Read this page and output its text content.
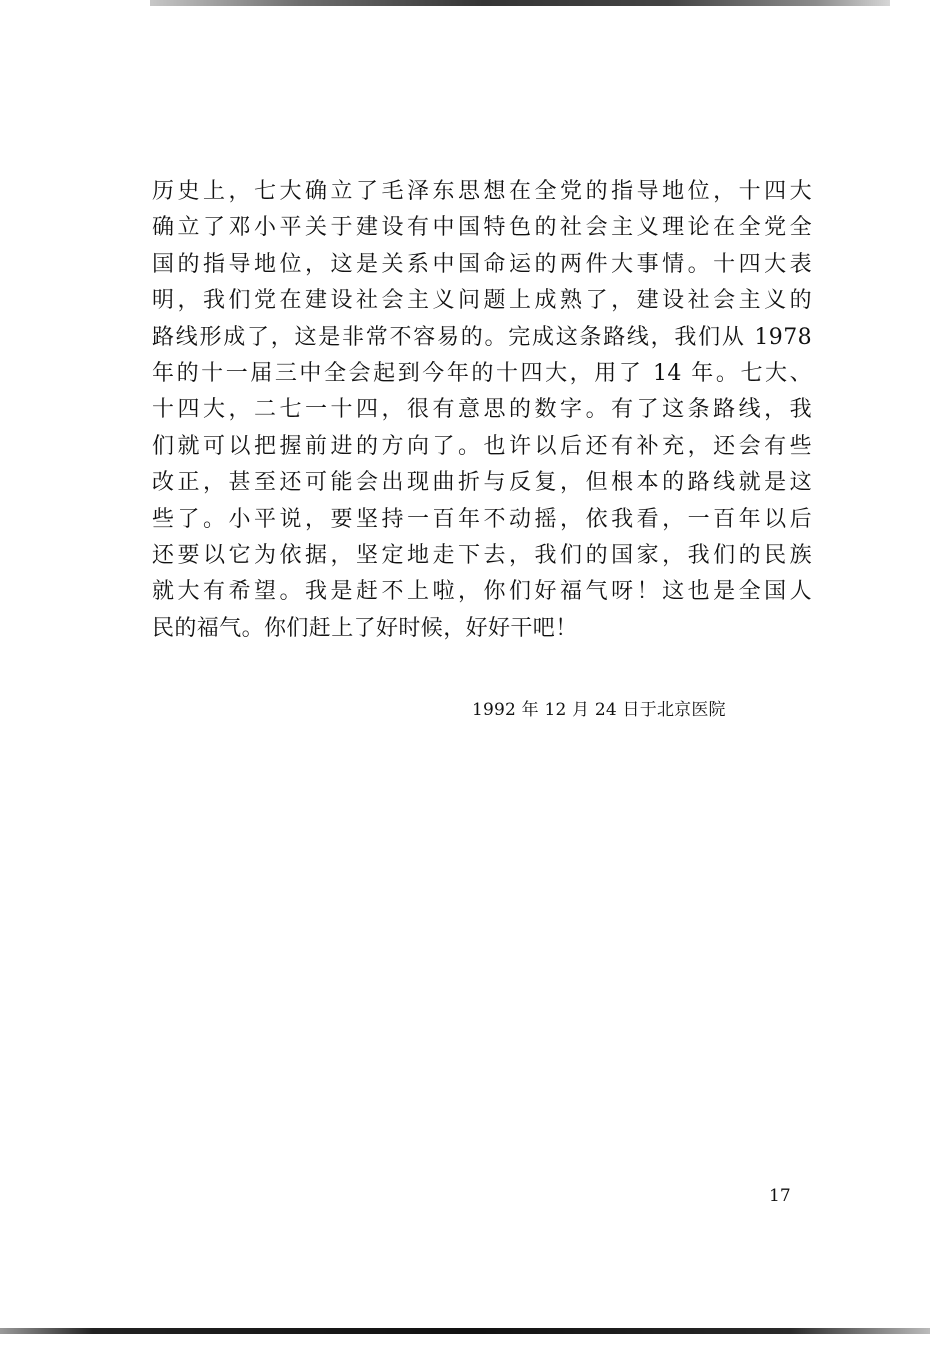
历史上，七大确立了毛泽东思想在全党的指导地位，十四大
确立了邓小平关于建设有中国特色的社会主义理论在全党全
国的指导地位，这是关系中国命运的两件大事情。十四大表
明，我们党在建设社会主义问题上成熟了，建设社会主义的
路线形成了，这是非常不容易的。完成这条路线，我们从 1978
年的十一届三中全会起到今年的十四大，用了 14 年。七大、
十四大，二七一十四，很有意思的数字。有了这条路线，我
们就可以把握前进的方向了。也许以后还有补充，还会有些
改正，甚至还可能会出现曲折与反复，但根本的路线就是这
些了。小平说，要坚持一百年不动摇，依我看，一百年以后
还要以它为依据，坚定地走下去，我们的国家，我们的民族
就大有希望。我是赶不上啦，你们好福气呀！这也是全国人
民的福气。你们赶上了好时候，好好干吧！
1992 年 12 月 24 日于北京医院
17
